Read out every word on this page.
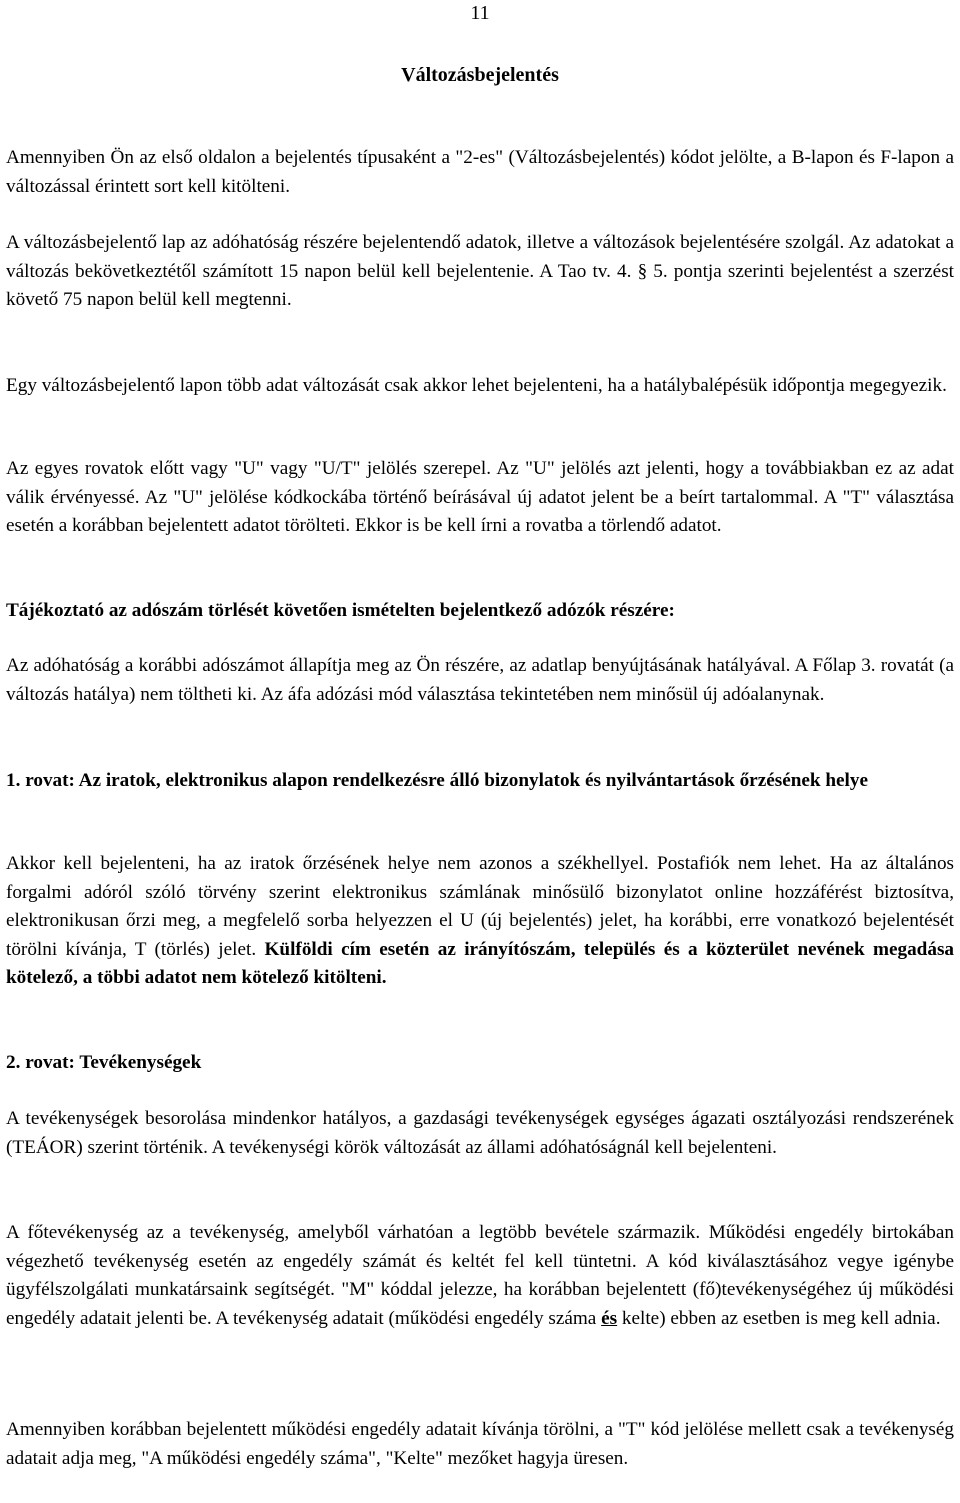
11
Változásbejelentés

Amennyiben Ön az első oldalon a bejelentés típusaként a "2-es" (Változásbejelentés) kódot jelölte, a B-lapon és F-lapon a változással érintett sort kell kitölteni.

A változásbejelentő lap az adóhatóság részére bejelentendő adatok, illetve a változások bejelentésére szolgál. Az adatokat a változás bekövetkeztétől számított 15 napon belül kell bejelentenie. A Tao tv. 4. § 5. pontja szerinti bejelentést a szerzést követő 75 napon belül kell megtenni.

Egy változásbejelentő lapon több adat változását csak akkor lehet bejelenteni, ha a hatálybalépésük időpontja megegyezik.

Az egyes rovatok előtt vagy "U" vagy "U/T" jelölés szerepel. Az "U" jelölés azt jelenti, hogy a továbbiakban ez az adat válik érvényessé. Az "U" jelölése kódkockába történő beírásával új adatot jelent be a beírt tartalommal. A "T" választása esetén a korábban bejelentett adatot törölteti. Ekkor is be kell írni a rovatba a törlendő adatot.

Tájékoztató az adószám törlését követően ismételten bejelentkező adózók részére:

Az adóhatóság a korábbi adószámot állapítja meg az Ön részére, az adatlap benyújtásának hatályával. A Főlap 3. rovatát (a változás hatálya) nem töltheti ki. Az áfa adózási mód választása tekintetében nem minősül új adóalanynak.

1. rovat: Az iratok, elektronikus alapon rendelkezésre álló bizonylatok és nyilvántartások őrzésének helye

Akkor kell bejelenteni, ha az iratok őrzésének helye nem azonos a székhellyel. Postafiók nem lehet. Ha az általános forgalmi adóról szóló törvény szerint elektronikus számlának minősülő bizonylatot online hozzáférést biztosítva, elektronikusan őrzi meg, a megfelelő sorba helyezzen el U (új bejelentés) jelet, ha korábbi, erre vonatkozó bejelentését törölni kívánja, T (törlés) jelet. Külföldi cím esetén az irányítószám, település és a közterület nevének megadása kötelező, a többi adatot nem kötelező kitölteni.

2. rovat: Tevékenységek

A tevékenységek besorolása mindenkor hatályos, a gazdasági tevékenységek egységes ágazati osztályozási rendszerének (TEÁOR) szerint történik. A tevékenységi körök változását az állami adóhatóságnál kell bejelenteni.

A főtevékenység az a tevékenység, amelyből várhatóan a legtöbb bevétele származik. Működési engedély birtokában végezhető tevékenység esetén az engedély számát és keltét fel kell tüntetni. A kód kiválasztásához vegye igénybe ügyfélszolgálati munkatársaink segítségét. "M" kóddal jelezze, ha korábban bejelentett (fő)tevékenységéhez új működési engedély adatait jelenti be. A tevékenység adatait (működési engedély száma és kelte) ebben az esetben is meg kell adnia.

Amennyiben korábban bejelentett működési engedély adatait kívánja törölni, a "T" kód jelölése mellett csak a tevékenység adatait adja meg, "A működési engedély száma", "Kelte" mezőket hagyja üresen.
